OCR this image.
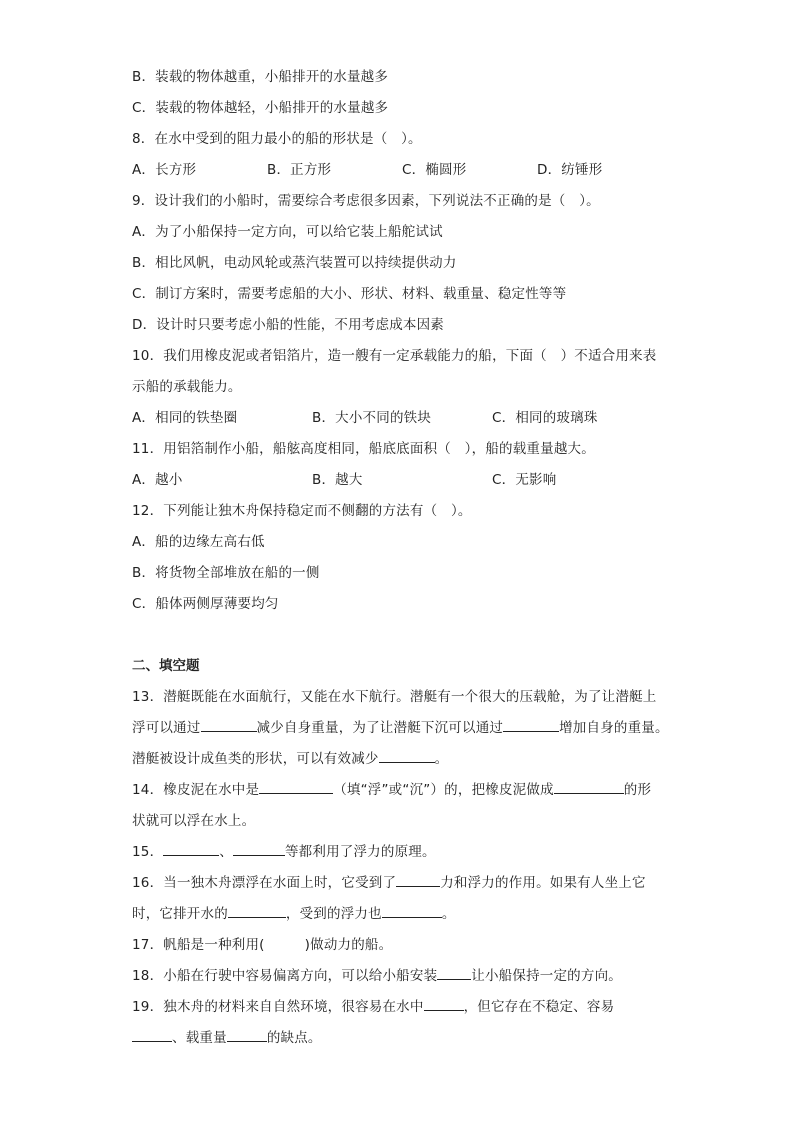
B．装载的物体越重，小船排开的水量越多
C．装载的物体越轻，小船排开的水量越多
8．在水中受到的阻力最小的船的形状是（　）。
A．长方形	B．正方形	C．椭圆形	D．纺锤形
9．设计我们的小船时，需要综合考虑很多因素，下列说法不正确的是（　）。
A．为了小船保持一定方向，可以给它装上船舵试试
B．相比风帆，电动风轮或蒸汽装置可以持续提供动力
C．制订方案时，需要考虑船的大小、形状、材料、载重量、稳定性等等
D．设计时只要考虑小船的性能，不用考虑成本因素
10．我们用橡皮泥或者铝箔片，造一艘有一定承载能力的船，下面（　）不适合用来表
示船的承载能力。
A．相同的铁垫圈	B．大小不同的铁块	C．相同的玻璃珠
11．用铝箔制作小船，船舷高度相同，船底底面积（　），船的载重量越大。
A．越小	B．越大	C．无影响
12．下列能让独木舟保持稳定而不侧翻的方法有（　）。
A．船的边缘左高右低
B．将货物全部堆放在船的一侧
C．船体两侧厚薄要均匀
二、填空题
13．潜艇既能在水面航行，又能在水下航行。潜艇有一个很大的压载舱，为了让潜艇上
浮可以通过	减少自身重量，为了让潜艇下沉可以通过	增加自身的重量。
潜艇被设计成鱼类的形状，可以有效减少	。
14．橡皮泥在水中是	（填“浮”或“沉”）的，把橡皮泥做成	的形
状就可以浮在水上。
15．	、	等都利用了浮力的原理。
16．当一独木舟漂浮在水面上时，它受到了	力和浮力的作用。如果有人坐上它
时，它排开水的	，受到的浮力也	。
17．帆船是一种利用(	)做动力的船。
18．小船在行驶中容易偏离方向，可以给小船安装	让小船保持一定的方向。
19．独木舟的材料来自自然环境，很容易在水中	，但它存在不稳定、容易
、载重量	的缺点。
